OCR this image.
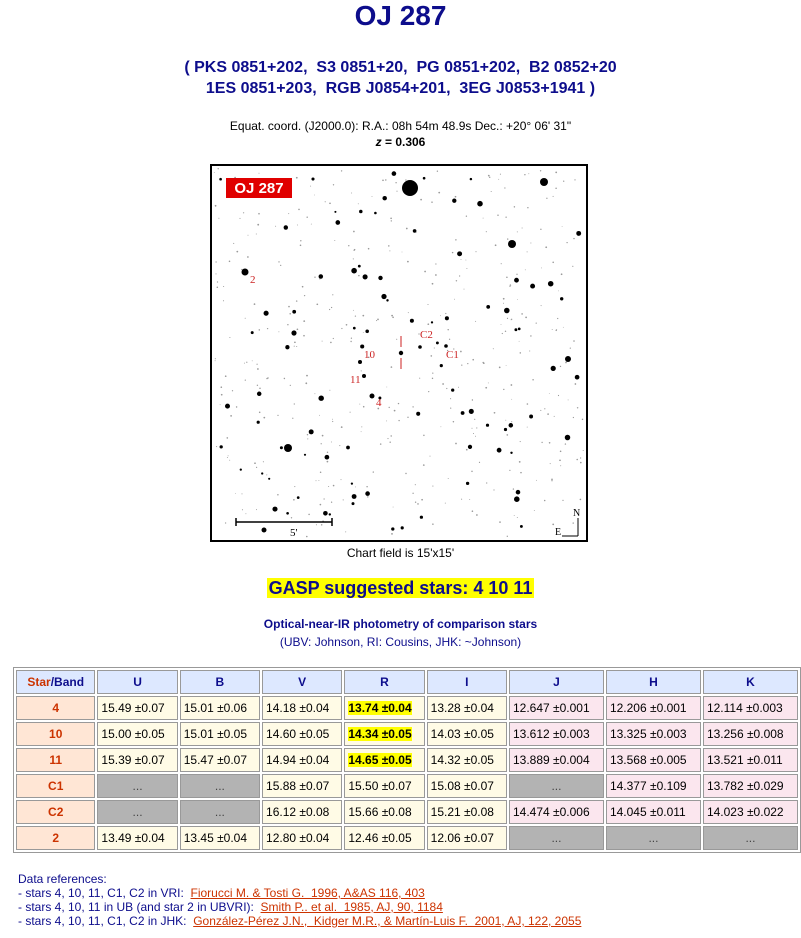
OJ 287
( PKS 0851+202,  S3 0851+20,  PG 0851+202,  B2 0852+20
1ES 0851+203,  RGB J0854+201,  3EG J0853+1941 )
Equat. coord. (J2000.0): R.A.: 08h 54m 48.9s Dec.: +20° 06' 31"
z = 0.306
OJ 287
2
10
11
4
C1
C2
5'
N
E
Chart field is 15'x15'
GASP suggested stars: 4 10 11
Optical-near-IR photometry of comparison stars
(UBV: Johnson, RI: Cousins, JHK: ~Johnson)
Star/Band	U	B	V	R	I	J	H	K
4	15.49 ±0.07	15.01 ±0.06	14.18 ±0.04	13.74 ±0.04	13.28 ±0.04	12.647 ±0.001	12.206 ±0.001	12.114 ±0.003
10	15.00 ±0.05	15.01 ±0.05	14.60 ±0.05	14.34 ±0.05	14.03 ±0.05	13.612 ±0.003	13.325 ±0.003	13.256 ±0.008
11	15.39 ±0.07	15.47 ±0.07	14.94 ±0.04	14.65 ±0.05	14.32 ±0.05	13.889 ±0.004	13.568 ±0.005	13.521 ±0.011
C1	...	...	15.88 ±0.07	15.50 ±0.07	15.08 ±0.07	...	14.377 ±0.109	13.782 ±0.029
C2	...	...	16.12 ±0.08	15.66 ±0.08	15.21 ±0.08	14.474 ±0.006	14.045 ±0.011	14.023 ±0.022
2	13.49 ±0.04	13.45 ±0.04	12.80 ±0.04	12.46 ±0.05	12.06 ±0.07	...	...	...
Data references:
- stars 4, 10, 11, C1, C2 in VRI:  Fiorucci M. & Tosti G.  1996, A&AS 116, 403
- stars 4, 10, 11 in UB (and star 2 in UBVRI):  Smith P.. et al.  1985, AJ, 90, 1184
- stars 4, 10, 11, C1, C2 in JHK:  González-Pérez J.N.,  Kidger M.R., & Martín-Luis F.  2001, AJ, 122, 2055
